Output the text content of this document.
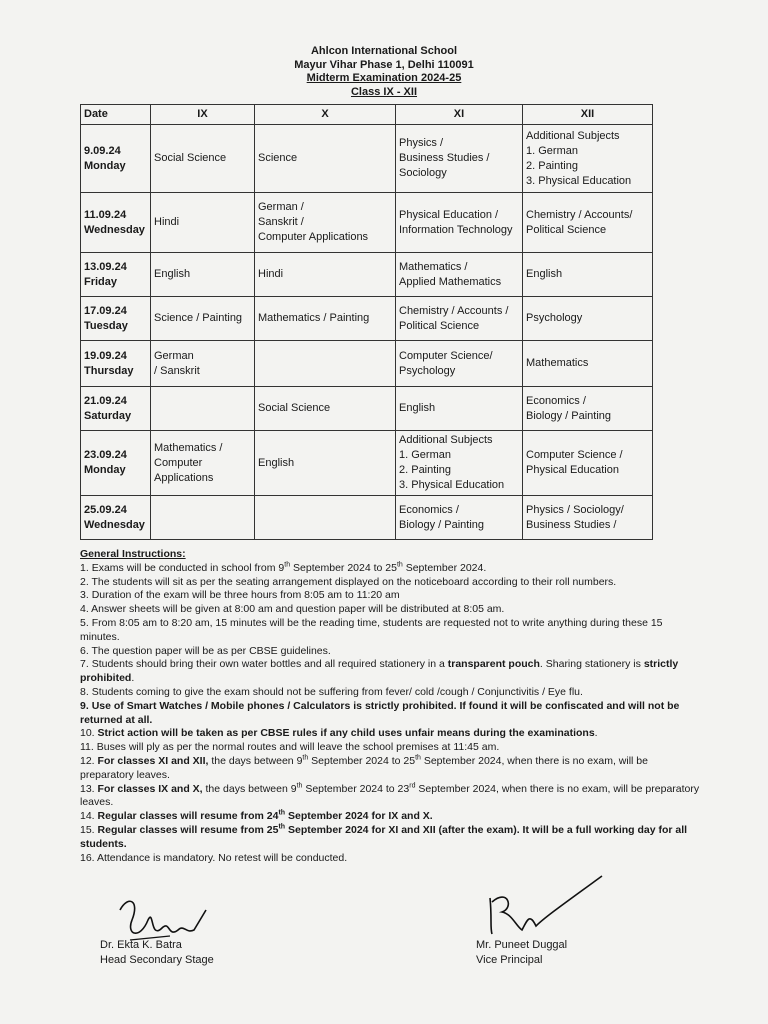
Ahlcon International School
Mayur Vihar Phase 1, Delhi 110091
Midterm Examination 2024-25
Class IX - XII
Date	IX	X	XI	XII

9.09.24
Monday	Social Science	Science	Physics /
Business Studies /
Sociology	Additional Subjects
1. German
2. Painting
3. Physical Education

11.09.24
Wednesday	Hindi	German /
Sanskrit /
Computer Applications	Physical Education /
Information Technology	Chemistry / Accounts/
Political Science

13.09.24
Friday	English	Hindi	Mathematics /
Applied Mathematics	English

17.09.24
Tuesday	Science / Painting	Mathematics / Painting	Chemistry / Accounts /
Political Science	Psychology

19.09.24
Thursday	German
/ Sanskrit		Computer Science/
Psychology	Mathematics

21.09.24
Saturday		Social Science	English	Economics /
Biology / Painting

23.09.24
Monday	Mathematics /
Computer
Applications	English	Additional Subjects
1. German
2. Painting
3. Physical Education	Computer Science /
Physical Education

25.09.24
Wednesday			Economics /
Biology / Painting	Physics / Sociology/
Business Studies /
General Instructions:
1. Exams will be conducted in school from 9th September 2024 to 25th September 2024.
2. The students will sit as per the seating arrangement displayed on the noticeboard according to their roll numbers.
3. Duration of the exam will be three hours from 8:05 am to 11:20 am
4. Answer sheets will be given at 8:00 am and question paper will be distributed at 8:05 am.
5. From 8:05 am to 8:20 am, 15 minutes will be the reading time, students are requested not to write anything during these 15 minutes.
6. The question paper will be as per CBSE guidelines.
7. Students should bring their own water bottles and all required stationery in a transparent pouch. Sharing stationery is strictly prohibited.
8. Students coming to give the exam should not be suffering from fever/ cold /cough / Conjunctivitis / Eye flu.
9. Use of Smart Watches / Mobile phones / Calculators is strictly prohibited. If found it will be confiscated and will not be returned at all.
10. Strict action will be taken as per CBSE rules if any child uses unfair means during the examinations.
11. Buses will ply as per the normal routes and will leave the school premises at 11:45 am.
12. For classes XI and XII, the days between 9th September 2024 to 25th September 2024, when there is no exam, will be preparatory leaves.
13. For classes IX and X, the days between 9th September 2024 to 23rd September 2024, when there is no exam, will be preparatory leaves.
14. Regular classes will resume from 24th September 2024 for IX and X.
15. Regular classes will resume from 25th September 2024 for XI and XII (after the exam). It will be a full working day for all students.
16. Attendance is mandatory. No retest will be conducted.
Dr. Ekta K. Batra
Head Secondary Stage
Mr. Puneet Duggal
Vice Principal
